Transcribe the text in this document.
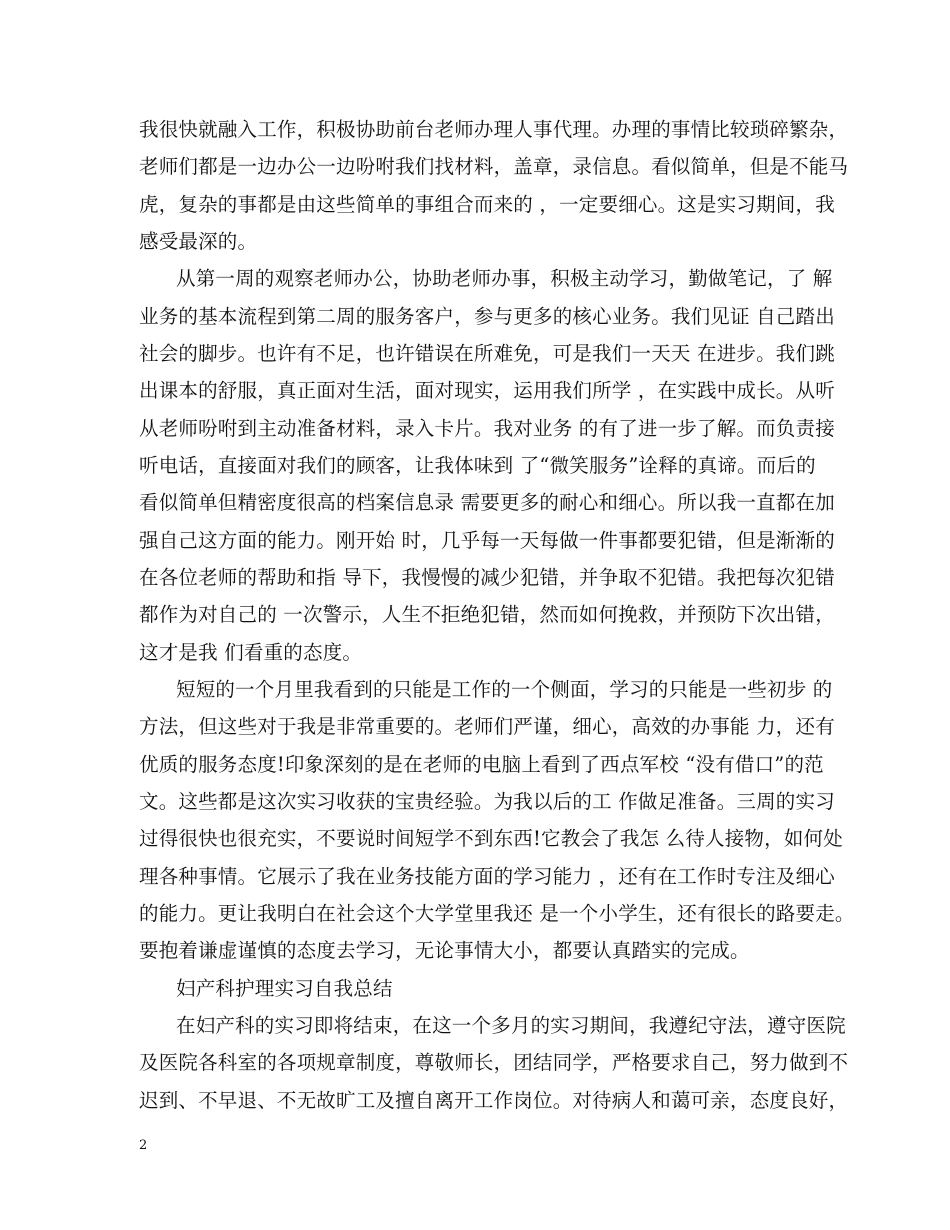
我很快就融入工作，积极协助前台老师办理人事代理。办理的事情比较琐碎繁杂，
老师们都是一边办公一边吩咐我们找材料，盖章，录信息。看似简单，但是不能马
虎，复杂的事都是由这些简单的事组合而来的 ，一定要细心。这是实习期间，我
感受最深的。
从第一周的观察老师办公，协助老师办事，积极主动学习，勤做笔记，了 解
业务的基本流程到第二周的服务客户，参与更多的核心业务。我们见证 自己踏出
社会的脚步。也许有不足，也许错误在所难免，可是我们一天天 在进步。我们跳
出课本的舒服，真正面对生活，面对现实，运用我们所学 ，在实践中成长。从听
从老师吩咐到主动准备材料，录入卡片。我对业务 的有了进一步了解。而负责接
听电话，直接面对我们的顾客，让我体味到 了“微笑服务”诠释的真谛。而后的
看似简单但精密度很高的档案信息录 需要更多的耐心和细心。所以我一直都在加
强自己这方面的能力。刚开始 时，几乎每一天每做一件事都要犯错，但是渐渐的
在各位老师的帮助和指 导下，我慢慢的减少犯错，并争取不犯错。我把每次犯错
都作为对自己的 一次警示，人生不拒绝犯错，然而如何挽救，并预防下次出错，
这才是我 们看重的态度。
短短的一个月里我看到的只能是工作的一个侧面，学习的只能是一些初步 的
方法，但这些对于我是非常重要的。老师们严谨，细心，高效的办事能 力，还有
优质的服务态度!印象深刻的是在老师的电脑上看到了西点军校 “没有借口”的范
文。这些都是这次实习收获的宝贵经验。为我以后的工 作做足准备。三周的实习
过得很快也很充实，不要说时间短学不到东西!它教会了我怎 么待人接物，如何处
理各种事情。它展示了我在业务技能方面的学习能力 ，还有在工作时专注及细心
的能力。更让我明白在社会这个大学堂里我还 是一个小学生，还有很长的路要走。
要抱着谦虚谨慎的态度去学习，无论事情大小，都要认真踏实的完成。
妇产科护理实习自我总结
在妇产科的实习即将结束，在这一个多月的实习期间，我遵纪守法，遵守医院
及医院各科室的各项规章制度，尊敬师长，团结同学，严格要求自己，努力做到不
迟到、不早退、不无故旷工及擅自离开工作岗位。对待病人和蔼可亲，态度良好，
2
